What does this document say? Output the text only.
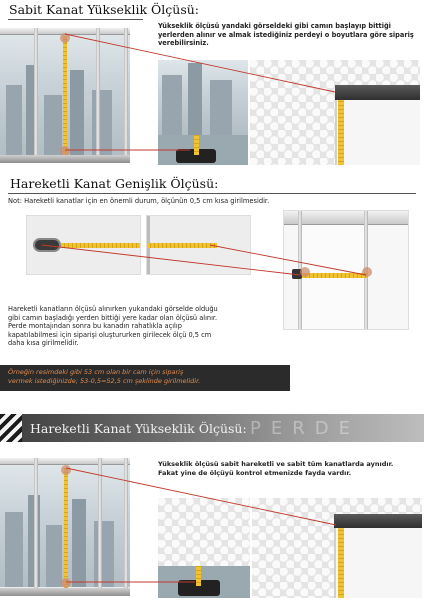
Sabit Kanat Yükseklik Ölçüsü:
Yükseklik ölçüsü yandaki görseldeki gibi camın başlayıp bittiği yerlerden alınır ve almak istediğiniz perdeyi o boyutlara göre sipariş verebilirsiniz.
Hareketli Kanat Genişlik Ölçüsü:
Not: Hareketli kanatlar için en önemli durum, ölçünün 0,5 cm kısa girilmesidir.
Hareketli kanatların ölçüsü alınırken yukandaki görselde olduğu
gibi camın başladığı yerden bittiği yere kadar olan ölçüsü alınır.
Perde montajından sonra bu kanadın rahatlıkla açılıp
kapatılabilmesi için siparişi oluştururken girilecek ölçü 0,5 cm
daha kısa girilmelidir.
Örneğin resimdeki gibi 53 cm olan bir cam için sipariş
vermek istediğinizde; 53-0,5=52,5 cm şeklinde girilmelidir.
Hareketli Kanat Yükseklik Ölçüsü: PERDE
Yükseklik ölçüsü sabit hareketli ve sabit tüm kanatlarda aynıdır.
Fakat yine de ölçüyü kontrol etmenizde fayda vardır.
